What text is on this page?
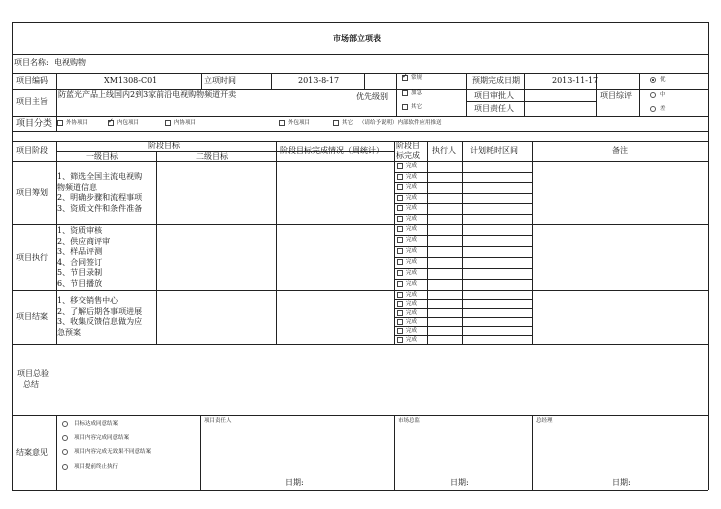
市场部立项表
项目名称: 电视购物
项目编码	XM1308-C01	立项时间	2013-8-17
项目主旨
防蓝光产品上线国内2到3家前沿电视购物频道开卖	优先级别
✓
常规
加急
其它
预期完成日期	2013-11-17
项目审批人
项目责任人
项目综评
优
中
差
项目分类	外协项目
✓	内包项目	内协项目	外包项目	其它 （请给予说明）内部软件应用推送
项目阶段
阶段目标
一级目标	二级目标
阶段目标完成情况（周统计）
阶段目
标完成
执行人 计划耗时区间	备注
项目筹划
1、筛选全国主流电视购
物频道信息
2、明确步骤和流程事项
3、资质文件和条件准备
项目执行
1、资质审核
2、供应商评审
3、样品评测
4、合同签订
5、节目录制
6、节目播放
项目结案
1、移交销售中心
2、了解后期各事项进展
3、收集反馈信息做为应
急预案
完成
完成
完成
完成
完成
完成
完成
完成
完成
完成
完成
完成
完成
完成
完成
完成
完成
完成
项目总验
总结
结案意见
目标达成同意结案
项目内容完成同意结案
项目内容完成无效果不同意结案
项目提前终止执行
项目责任人	市场总监	总经理
日期:	日期:	日期:
